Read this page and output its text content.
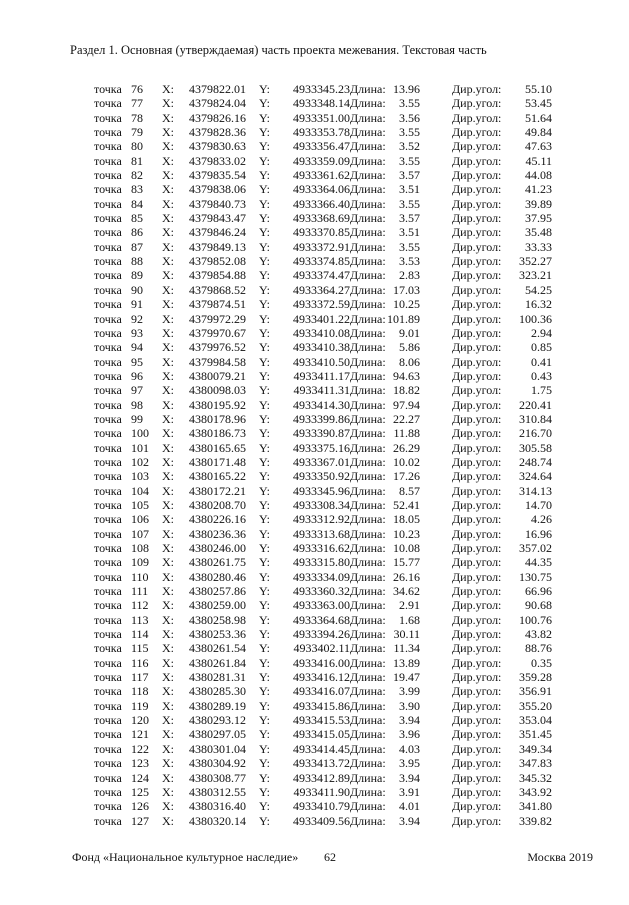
Раздел 1. Основная (утверждаемая) часть проекта межевания. Текстовая часть
точка 76 X: 4379822.01 Y: 4933345.23 Длина: 13.96	Дир.угол: 55.10
точка 77 X: 4379824.04 Y: 4933348.14 Длина: 3.55	Дир.угол: 53.45
точка 78 X: 4379826.16 Y: 4933351.00 Длина: 3.56	Дир.угол: 51.64
точка 79 X: 4379828.36 Y: 4933353.78 Длина: 3.55	Дир.угол: 49.84
точка 80 X: 4379830.63 Y: 4933356.47 Длина: 3.52	Дир.угол: 47.63
точка 81 X: 4379833.02 Y: 4933359.09 Длина: 3.55	Дир.угол: 45.11
точка 82 X: 4379835.54 Y: 4933361.62 Длина: 3.57	Дир.угол: 44.08
точка 83 X: 4379838.06 Y: 4933364.06 Длина: 3.51	Дир.угол: 41.23
точка 84 X: 4379840.73 Y: 4933366.40 Длина: 3.55	Дир.угол: 39.89
точка 85 X: 4379843.47 Y: 4933368.69 Длина: 3.57	Дир.угол: 37.95
точка 86 X: 4379846.24 Y: 4933370.85 Длина: 3.51	Дир.угол: 35.48
точка 87 X: 4379849.13 Y: 4933372.91 Длина: 3.55	Дир.угол: 33.33
точка 88 X: 4379852.08 Y: 4933374.85 Длина: 3.53	Дир.угол: 352.27
точка 89 X: 4379854.88 Y: 4933374.47 Длина: 2.83	Дир.угол: 323.21
точка 90 X: 4379868.52 Y: 4933364.27 Длина: 17.03	Дир.угол: 54.25
точка 91 X: 4379874.51 Y: 4933372.59 Длина: 10.25	Дир.угол: 16.32
точка 92 X: 4379972.29 Y: 4933401.22 Длина: 101.89	Дир.угол: 100.36
точка 93 X: 4379970.67 Y: 4933410.08 Длина: 9.01	Дир.угол: 2.94
точка 94 X: 4379976.52 Y: 4933410.38 Длина: 5.86	Дир.угол: 0.85
точка 95 X: 4379984.58 Y: 4933410.50 Длина: 8.06	Дир.угол: 0.41
точка 96 X: 4380079.21 Y: 4933411.17 Длина: 94.63	Дир.угол: 0.43
точка 97 X: 4380098.03 Y: 4933411.31 Длина: 18.82	Дир.угол: 1.75
точка 98 X: 4380195.92 Y: 4933414.30 Длина: 97.94	Дир.угол: 220.41
точка 99 X: 4380178.96 Y: 4933399.86 Длина: 22.27	Дир.угол: 310.84
точка 100 X: 4380186.73 Y: 4933390.87 Длина: 11.88	Дир.угол: 216.70
точка 101 X: 4380165.65 Y: 4933375.16 Длина: 26.29	Дир.угол: 305.58
точка 102 X: 4380171.48 Y: 4933367.01 Длина: 10.02	Дир.угол: 248.74
точка 103 X: 4380165.22 Y: 4933350.92 Длина: 17.26	Дир.угол: 324.64
точка 104 X: 4380172.21 Y: 4933345.96 Длина: 8.57	Дир.угол: 314.13
точка 105 X: 4380208.70 Y: 4933308.34 Длина: 52.41	Дир.угол: 14.70
точка 106 X: 4380226.16 Y: 4933312.92 Длина: 18.05	Дир.угол: 4.26
точка 107 X: 4380236.36 Y: 4933313.68 Длина: 10.23	Дир.угол: 16.96
точка 108 X: 4380246.00 Y: 4933316.62 Длина: 10.08	Дир.угол: 357.02
точка 109 X: 4380261.75 Y: 4933315.80 Длина: 15.77	Дир.угол: 44.35
точка 110 X: 4380280.46 Y: 4933334.09 Длина: 26.16	Дир.угол: 130.75
точка 111 X: 4380257.86 Y: 4933360.32 Длина: 34.62	Дир.угол: 66.96
точка 112 X: 4380259.00 Y: 4933363.00 Длина: 2.91	Дир.угол: 90.68
точка 113 X: 4380258.98 Y: 4933364.68 Длина: 1.68	Дир.угол: 100.76
точка 114 X: 4380253.36 Y: 4933394.26 Длина: 30.11	Дир.угол: 43.82
точка 115 X: 4380261.54 Y: 4933402.11 Длина: 11.34	Дир.угол: 88.76
точка 116 X: 4380261.84 Y: 4933416.00 Длина: 13.89	Дир.угол: 0.35
точка 117 X: 4380281.31 Y: 4933416.12 Длина: 19.47	Дир.угол: 359.28
точка 118 X: 4380285.30 Y: 4933416.07 Длина: 3.99	Дир.угол: 356.91
точка 119 X: 4380289.19 Y: 4933415.86 Длина: 3.90	Дир.угол: 355.20
точка 120 X: 4380293.12 Y: 4933415.53 Длина: 3.94	Дир.угол: 353.04
точка 121 X: 4380297.05 Y: 4933415.05 Длина: 3.96	Дир.угол: 351.45
точка 122 X: 4380301.04 Y: 4933414.45 Длина: 4.03	Дир.угол: 349.34
точка 123 X: 4380304.92 Y: 4933413.72 Длина: 3.95	Дир.угол: 347.83
точка 124 X: 4380308.77 Y: 4933412.89 Длина: 3.94	Дир.угол: 345.32
точка 125 X: 4380312.55 Y: 4933411.90 Длина: 3.91	Дир.угол: 343.92
точка 126 X: 4380316.40 Y: 4933410.79 Длина: 4.01	Дир.угол: 341.80
точка 127 X: 4380320.14 Y: 4933409.56 Длина: 3.94	Дир.угол: 339.82
Фонд «Национальное культурное наследие» 62	Москва 2019
